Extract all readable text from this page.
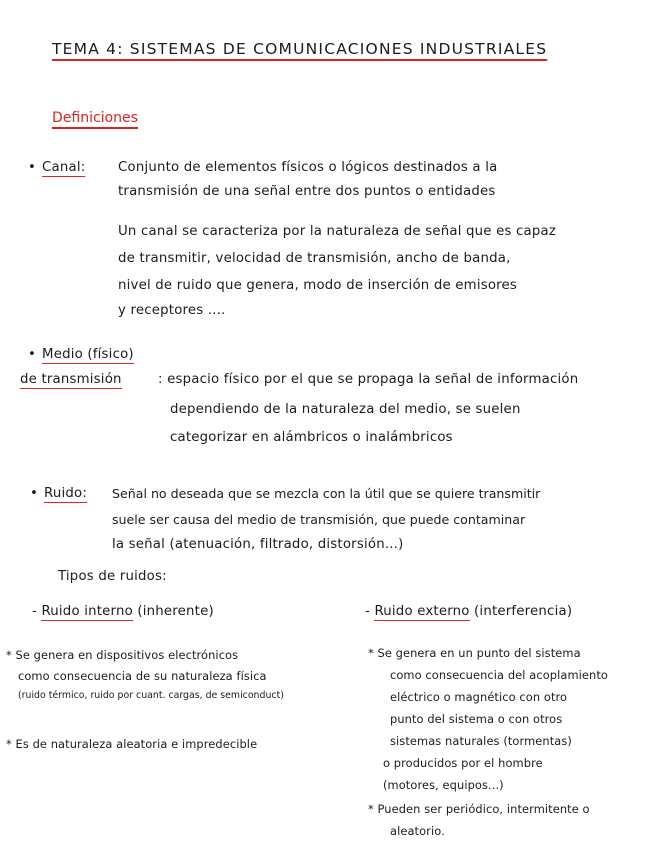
TEMA 4: SISTEMAS DE COMUNICACIONES INDUSTRIALES
Definiciones
• Canal: Conjunto de elementos físicos o lógicos destinados a la
transmisión de una señal entre dos puntos o entidades
Un canal se caracteriza por la naturaleza de señal que es capaz
de transmitir, velocidad de transmisión, ancho de banda,
nivel de ruido que genera, modo de inserción de emisores
y receptores ....
• Medio (físico)
de transmisión	: espacio físico por el que se propaga la señal de información
dependiendo de la naturaleza del medio, se suelen
categorizar en alámbricos o inalámbricos
• Ruido: Señal no deseada que se mezcla con la útil que se quiere transmitir
suele ser causa del medio de transmisión, que puede contaminar
la señal (atenuación, filtrado, distorsión...)
Tipos de ruidos:
- Ruido interno (inherente)
* Se genera en dispositivos electrónicos
como consecuencia de su naturaleza física
(ruido térmico, ruido por cuant. cargas, de semiconduct)
* Es de naturaleza aleatoria e impredecible
- Ruido externo (interferencia)
* Se genera en un punto del sistema
como consecuencia del acoplamiento
eléctrico o magnético con otro
punto del sistema o con otros
sistemas naturales (tormentas)
o producidos por el hombre
(motores, equipos...)
* Pueden ser periódico, intermitente o
aleatorio.
